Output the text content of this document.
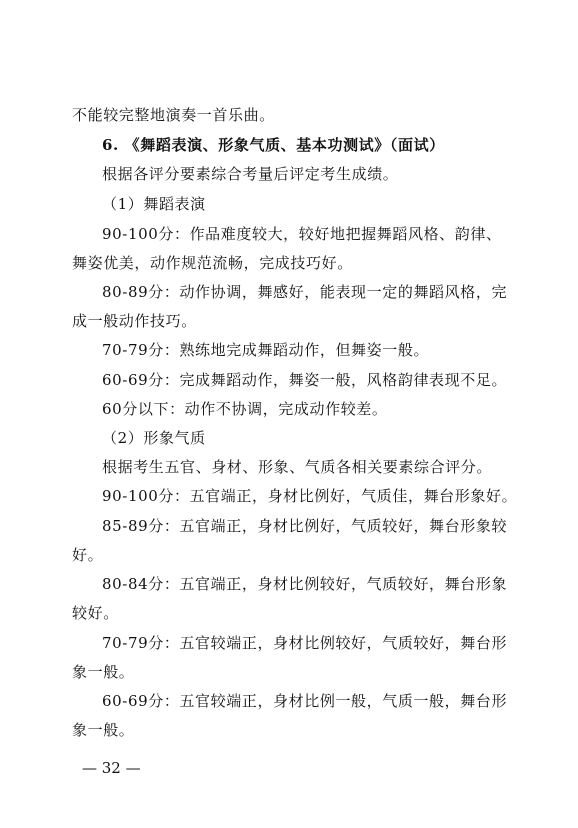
不能较完整地演奏一首乐曲。
6. 《舞蹈表演、形象气质、基本功测试》（面试）
根据各评分要素综合考量后评定考生成绩。
（1）舞蹈表演
90-100分：作品难度较大，较好地把握舞蹈风格、韵律、
舞姿优美，动作规范流畅，完成技巧好。
80-89分：动作协调，舞感好，能表现一定的舞蹈风格，完
成一般动作技巧。
70-79分：熟练地完成舞蹈动作，但舞姿一般。
60-69分：完成舞蹈动作，舞姿一般，风格韵律表现不足。
60分以下：动作不协调，完成动作较差。
（2）形象气质
根据考生五官、身材、形象、气质各相关要素综合评分。
90-100分：五官端正，身材比例好，气质佳，舞台形象好。
85-89分：五官端正，身材比例好，气质较好，舞台形象较
好。
80-84分：五官端正，身材比例较好，气质较好，舞台形象
较好。
70-79分：五官较端正，身材比例较好，气质较好，舞台形
象一般。
60-69分：五官较端正，身材比例一般，气质一般，舞台形
象一般。
— 32 —
